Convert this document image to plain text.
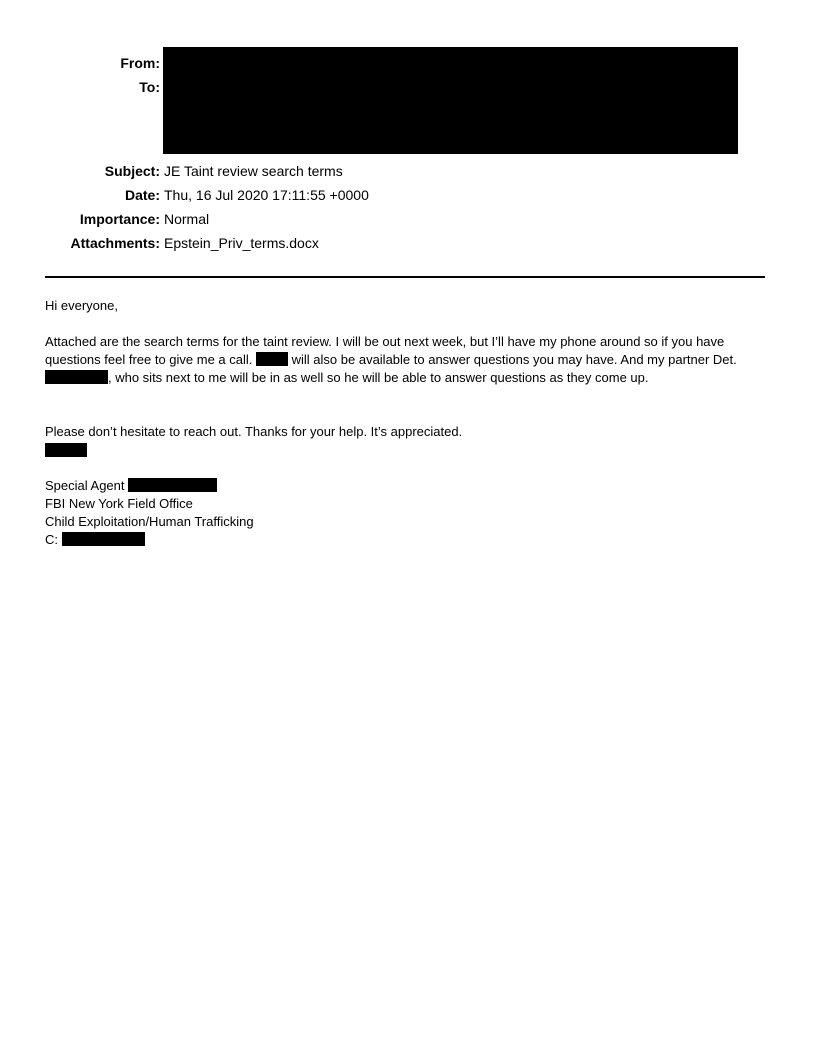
From:
To:
Subject: JE Taint review search terms
Date: Thu, 16 Jul 2020 17:11:55 +0000
Importance: Normal
Attachments: Epstein_Priv_terms.docx
Hi everyone,
Attached are the search terms for the taint review. I will be out next week, but I’ll have my phone around so if you have
questions feel free to give me a call.	will also be available to answer questions you may have. And my partner Det.
, who sits next to me will be in as well so he will be able to answer questions as they come up.
Please don’t hesitate to reach out. Thanks for your help. It’s appreciated.
Special Agent
FBI New York Field Office
Child Exploitation/Human Trafficking
C:
